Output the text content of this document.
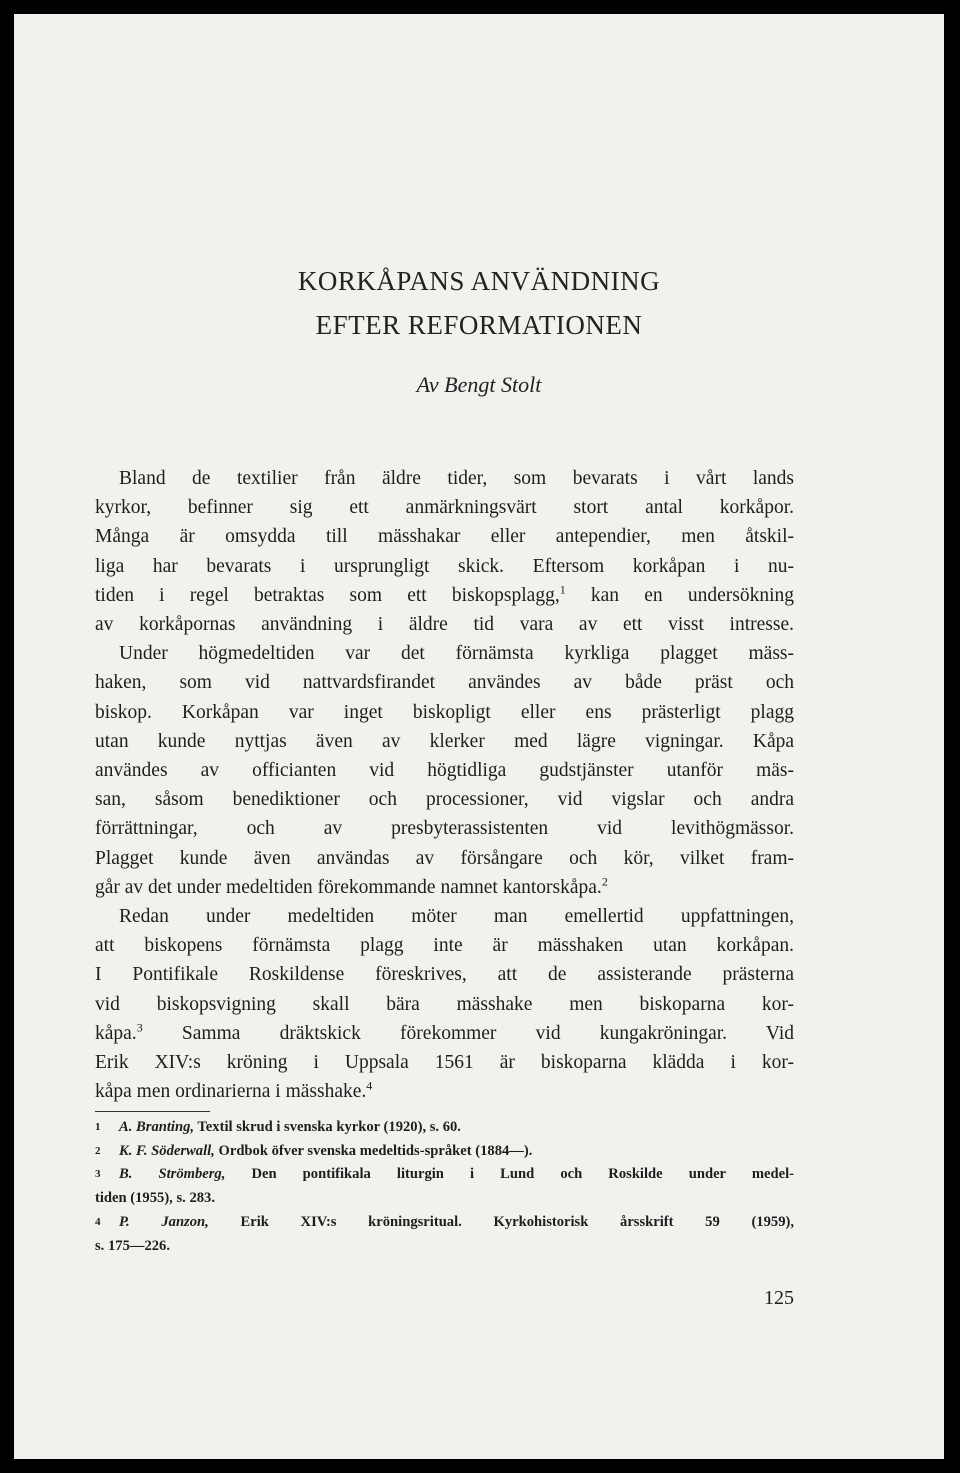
KORKÅPANS ANVÄNDNING
EFTER REFORMATIONEN
Av Bengt Stolt
Bland de textilier från äldre tider, som bevarats i vårt lands
kyrkor, befinner sig ett anmärkningsvärt stort antal korkåpor.
Många är omsydda till mässhakar eller antependier, men åtskil-
liga har bevarats i ursprungligt skick. Eftersom korkåpan i nu-
tiden i regel betraktas som ett biskopsplagg,$^1$ kan en undersökning
av korkåpornas användning i äldre tid vara av ett visst intresse.
Under högmedeltiden var det förnämsta kyrkliga plagget mäss-
haken, som vid nattvardsfirandet användes av både präst och
biskop. Korkåpan var inget biskopligt eller ens prästerligt plagg
utan kunde nyttjas även av klerker med lägre vigningar. Kåpa
användes av officianten vid högtidliga gudstjänster utanför mäs-
san, såsom benediktioner och processioner, vid vigslar och andra
förrättningar, och av presbyterassistenten vid levithögmässor.
Plagget kunde även användas av försångare och kör, vilket fram-
går av det under medeltiden förekommande namnet kantorskåpa.$^2$
Redan under medeltiden möter man emellertid uppfattningen,
att biskopens förnämsta plagg inte är mässhaken utan korkåpan.
I Pontifikale Roskildense föreskrives, att de assisterande prästerna
vid biskopsvigning skall bära mässhake men biskoparna kor-
kåpa.$^3$ Samma dräktskick förekommer vid kungakröningar. Vid
Erik XIV:s kröning i Uppsala 1561 är biskoparna klädda i kor-
kåpa men ordinarierna i mässhake.$^4$
1 A. Branting, Textil skrud i svenska kyrkor (1920), s. 60.
2 K. F. Söderwall, Ordbok öfver svenska medeltids-språket (1884—).
3 B. Strömberg, Den pontifikala liturgin i Lund och Roskilde under medel-
tiden (1955), s. 283.
4 P. Janzon, Erik XIV:s kröningsritual. Kyrkohistorisk årsskrift 59 (1959),
s. 175—226.
125
